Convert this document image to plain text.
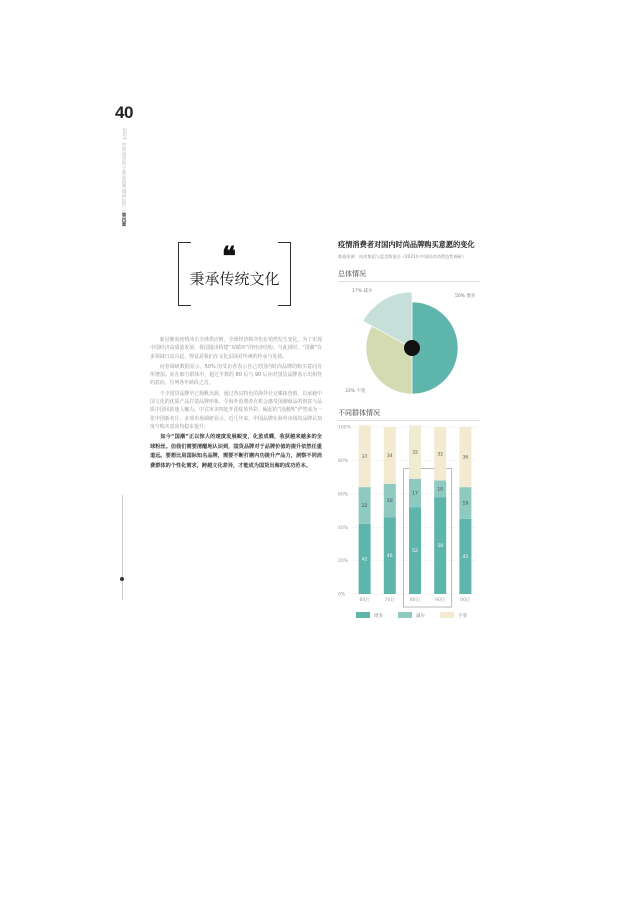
40
2021 中国国货电子商品消费调研报告 | 第四章
❝
秉承传统文化

新冠肺炎疫情冲击全球供应链，全球经济秩序也在悄然发生变化。为了实现中国经济高质量发展，我国提出构建“双循环”的经济结构。与此同时，“国潮”在多领域日益兴起，得益是我们在文化层面对传统的传承与发扬。

问卷调研数据显示，50% 的受访者表示自己对国内时尚品牌的购买意向有所增加。而在细分群体中，超过半数的 80 后与 90 后向对国货品牌表示出相符的意向，位列各年龄段之首。

不少国货品牌早已扬帆出海，通过各具特色的海外社交媒体营销，以承载中国文化的优质产品打造品牌形象，令海外消费者有机会感受国潮商品的创意与品质中国风的迷人魅力。中式审美四处开花绽放异彩，崛起的“国潮热”俨然成为一张中国新名片。多项市场调研显示，近几年来，中国品牌在海外市场的品牌认知度与购买意向均稳步提升。

如今“国潮”正以惊人的速度发展蜕变，化茧成蝶，收获越来越多的全球粉丝。但我们需要清醒地认识到，国货品牌对于品牌价值的提升依然任重道远。要想比肩国际知名品牌，需要不断打磨内功提升产品力，洞察不同消费群体的个性化需求，跨越文化差异，才能成为国货出海的成功范本。

疫情消费者对国内时尚品牌购买意愿的变化
数据来源：时尚集团与蓝美数据合《2021年中国时尚消费趋势调研》
总体情况
不同群体情况
50% 增多
33% 不变
17% 减少
0%
20%
40%
60%
80%
100%
42
22
37
60后
46
20
34
70后
52
17
32
80后
58
10
32
90后
45
19
36
00后
增多	减少	不变
